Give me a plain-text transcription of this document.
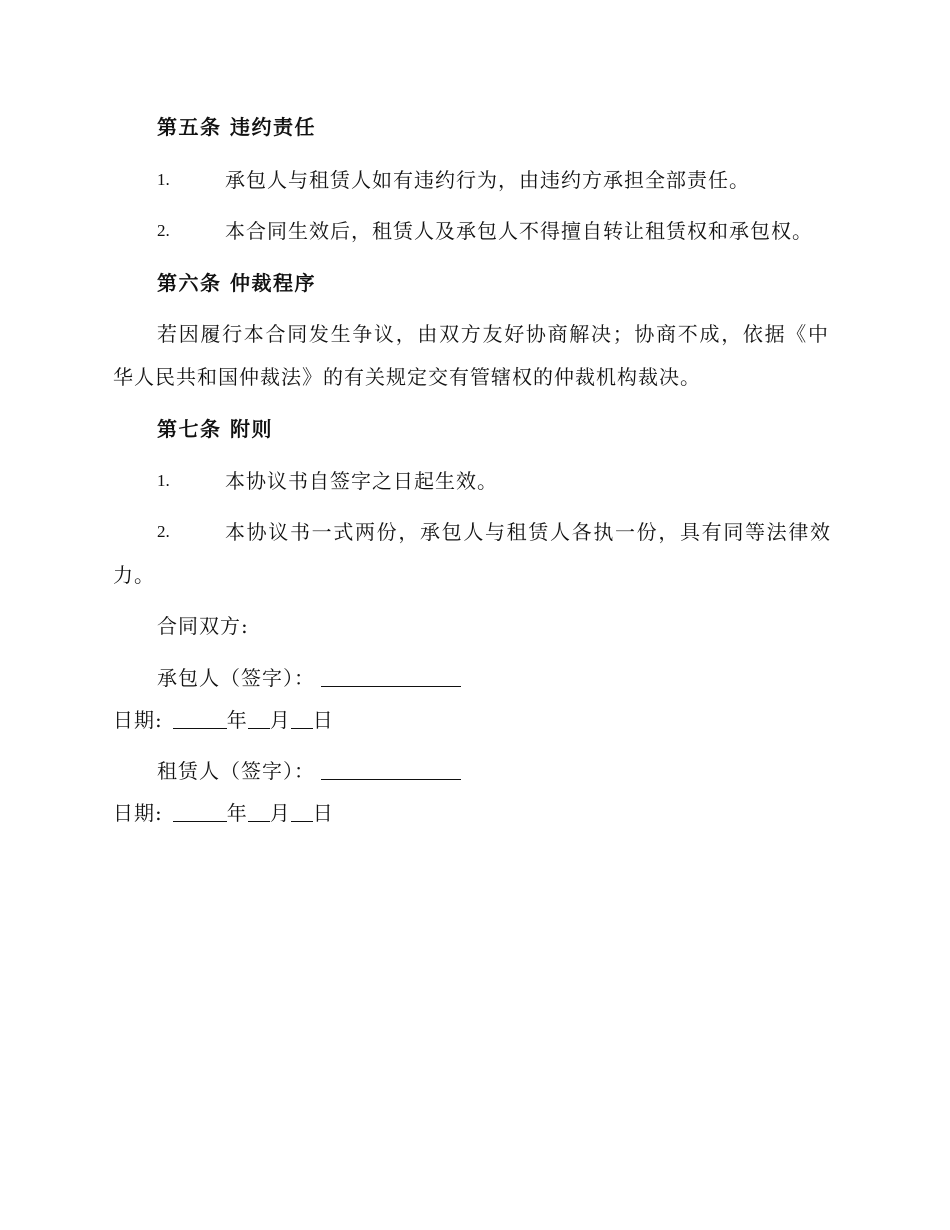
第五条 违约责任
1.	承包人与租赁人如有违约行为，由违约方承担全部责任。
2.	本合同生效后，租赁人及承包人不得擅自转让租赁权和承包权。
第六条 仲裁程序
若因履行本合同发生争议，由双方友好协商解决；协商不成，依据《中
华人民共和国仲裁法》的有关规定交有管辖权的仲裁机构裁决。
第七条 附则
1.	本协议书自签字之日起生效。
2.	本协议书一式两份，承包人与租赁人各执一份，具有同等法律效
力。
合同双方:
承包人（签字）：
日期:	年 月 日
租赁人（签字）：
日期:	年 月 日
